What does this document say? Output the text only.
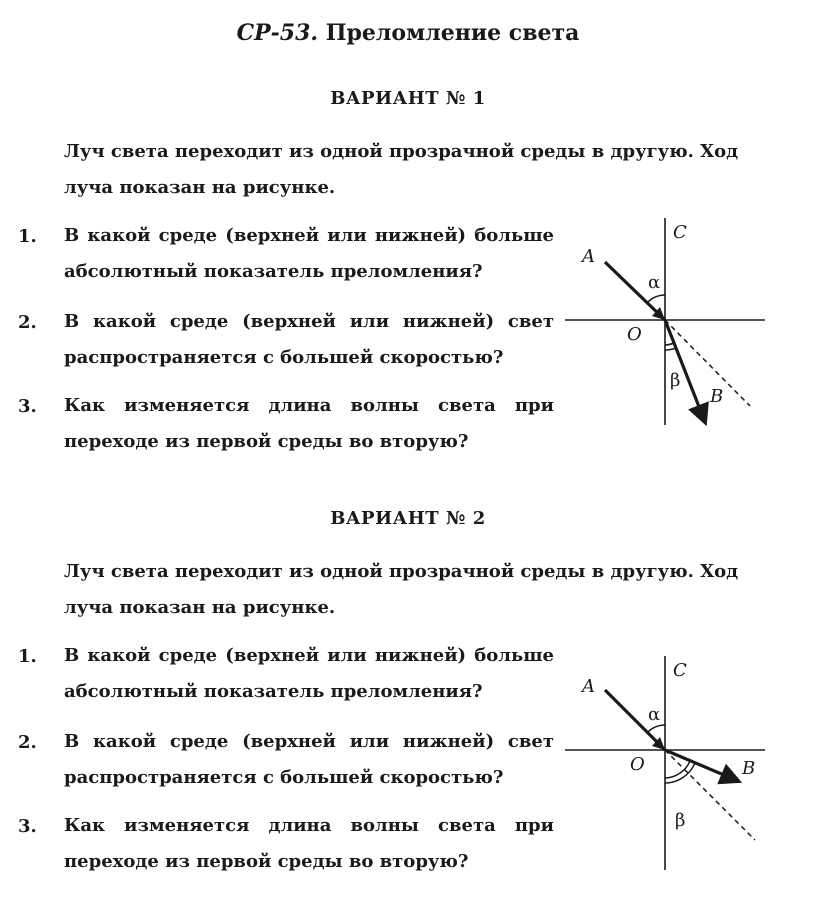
СР-53. Преломление света
ВАРИАНТ № 1
Луч света переходит из одной прозрачной среды в другую. Ход луча показан на рисунке.
1. В какой среде (верхней или нижней) больше абсолютный показатель преломления?
2. В какой среде (верхней или нижней) свет распространяется с большей скоростью?
3. Как изменяется длина волны света при переходе из первой среды во вторую?
A
C
O
α
β
B
ВАРИАНТ № 2
Луч света переходит из одной прозрачной среды в другую. Ход луча показан на рисунке.
1. В какой среде (верхней или нижней) больше абсолютный показатель преломления?
2. В какой среде (верхней или нижней) свет распространяется с большей скоростью?
3. Как изменяется длина волны света при переходе из первой среды во вторую?
A
C
O
α
β
B
